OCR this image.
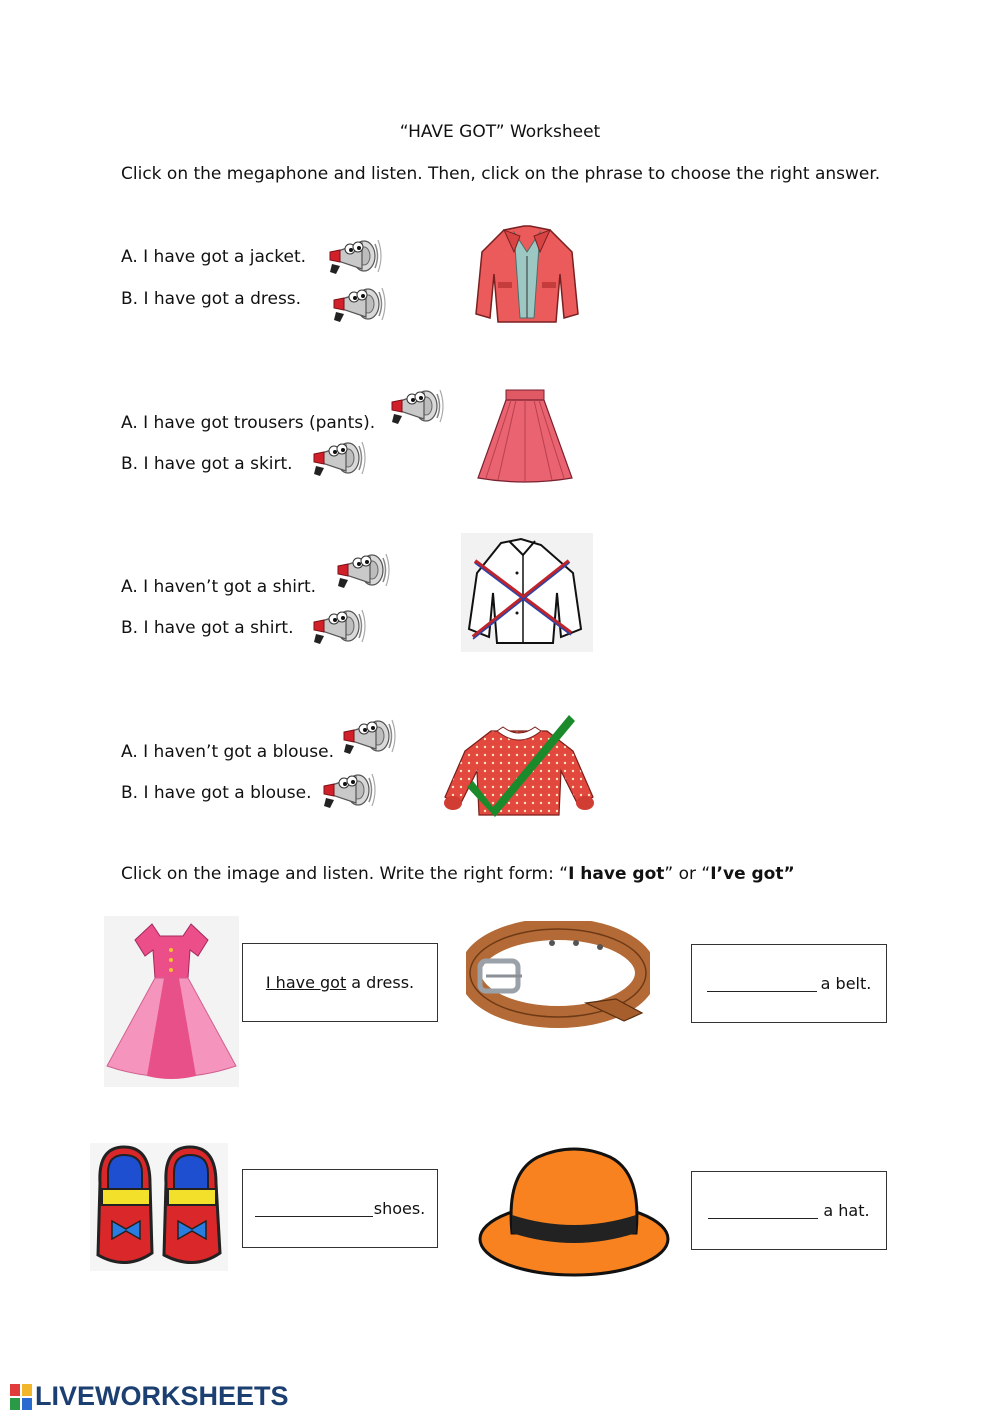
“HAVE GOT” Worksheet
Click on the megaphone and listen. Then, click on the phrase to choose the right answer.
A. I have got a jacket.
B. I have got a dress.
A. I have got trousers (pants).
B. I have got a skirt.
A. I haven’t got a shirt.
B. I have got a shirt.
A. I haven’t got a blouse.
B. I have got a blouse.
Click on the image and listen. Write the right form: “I have got” or “I’ve got”
I have got a dress.	a belt.
shoes.	a hat.
LIVEWORKSHEETS
